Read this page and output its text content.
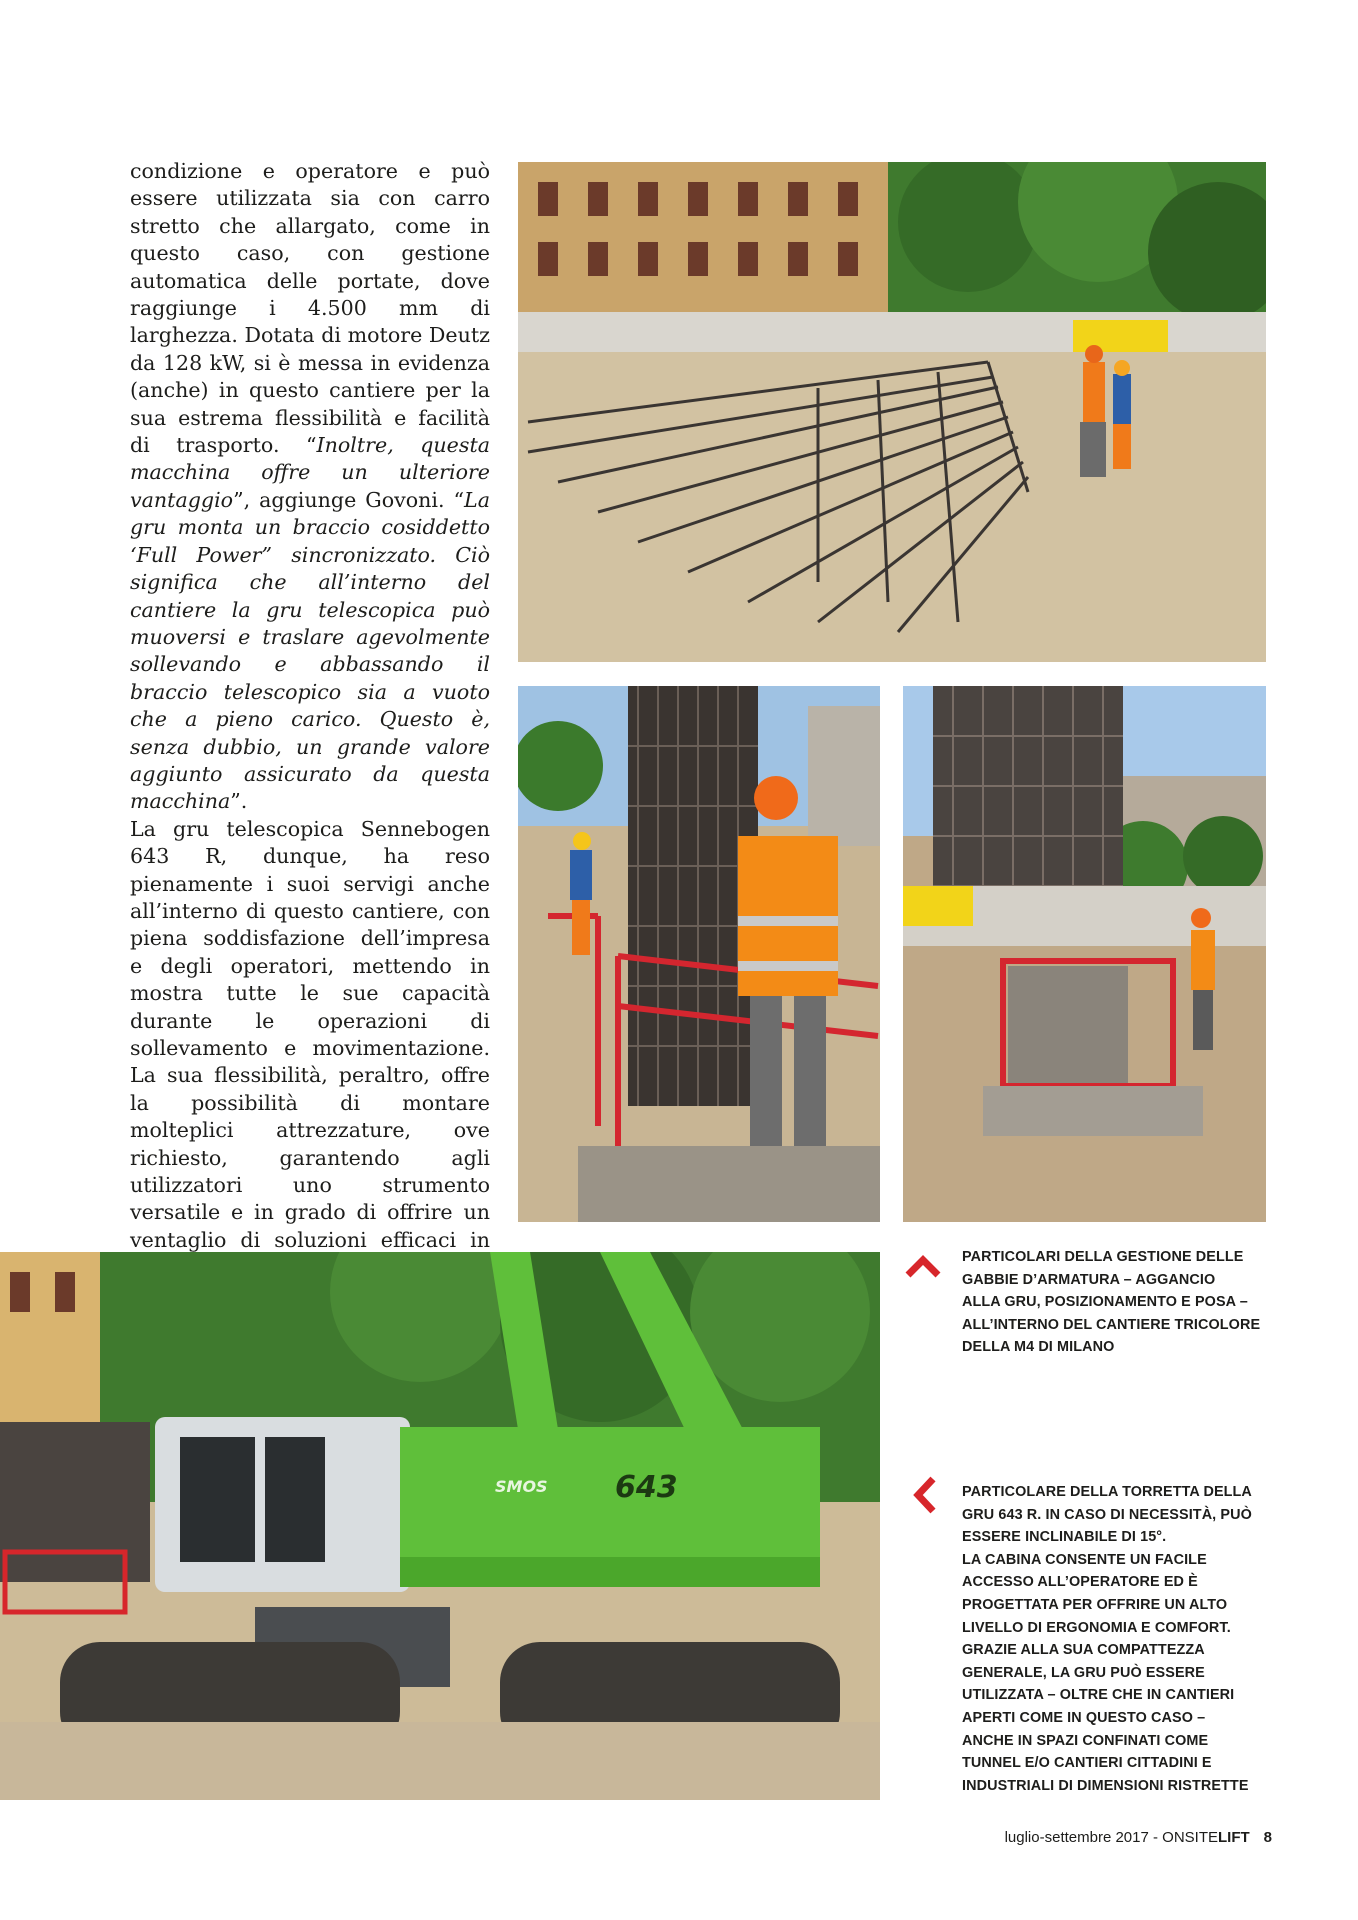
condizione e operatore e può essere utilizzata sia con carro stretto che allargato, come in questo caso, con gestione automatica delle portate, dove raggiunge i 4.500 mm di larghezza. Dotata di motore Deutz da 128 kW, si è messa in evidenza (anche) in questo cantiere per la sua estrema flessibilità e facilità di trasporto. “Inoltre, questa macchina offre un ulteriore vantaggio”, aggiunge Govoni. “La gru monta un braccio cosiddetto ‘Full Power” sincronizzato. Ciò significa che all’interno del cantiere la gru telescopica può muoversi e traslare agevolmente sollevando e abbassando il braccio telescopico sia a vuoto che a pieno carico. Questo è, senza dubbio, un grande valore aggiunto assicurato da questa macchina”.

La gru telescopica Sennebogen 643 R, dunque, ha reso pienamente i suoi servigi anche all’interno di questo cantiere, con piena soddisfazione dell’impresa e degli operatori, mettendo in mostra tutte le sue capacità durante le operazioni di sollevamento e movimentazione. La sua flessibilità, peraltro, offre la possibilità di montare molteplici attrezzature, ove richiesto, garantendo agli utilizzatori uno strumento versatile e in grado di offrire un ventaglio di soluzioni efficaci in

643
SMOS
PARTICOLARI DELLA GESTIONE DELLE
GABBIE D’ARMATURA – AGGANCIO
ALLA GRU, POSIZIONAMENTO E POSA –
ALL’INTERNO DEL CANTIERE TRICOLORE
DELLA M4 DI MILANO
PARTICOLARE DELLA TORRETTA DELLA
GRU 643 R. IN CASO DI NECESSITÀ, PUÒ
ESSERE INCLINABILE DI 15°.
LA CABINA CONSENTE UN FACILE
ACCESSO ALL’OPERATORE ED È
PROGETTATA PER OFFRIRE UN ALTO
LIVELLO DI ERGONOMIA E COMFORT.
GRAZIE ALLA SUA COMPATTEZZA
GENERALE, LA GRU PUÒ ESSERE
UTILIZZATA – OLTRE CHE IN CANTIERI
APERTI COME IN QUESTO CASO –
ANCHE IN SPAZI CONFINATI COME
TUNNEL E/O CANTIERI CITTADINI E
INDUSTRIALI DI DIMENSIONI RISTRETTE
luglio-settembre 2017 - ONSITELIFT 8
